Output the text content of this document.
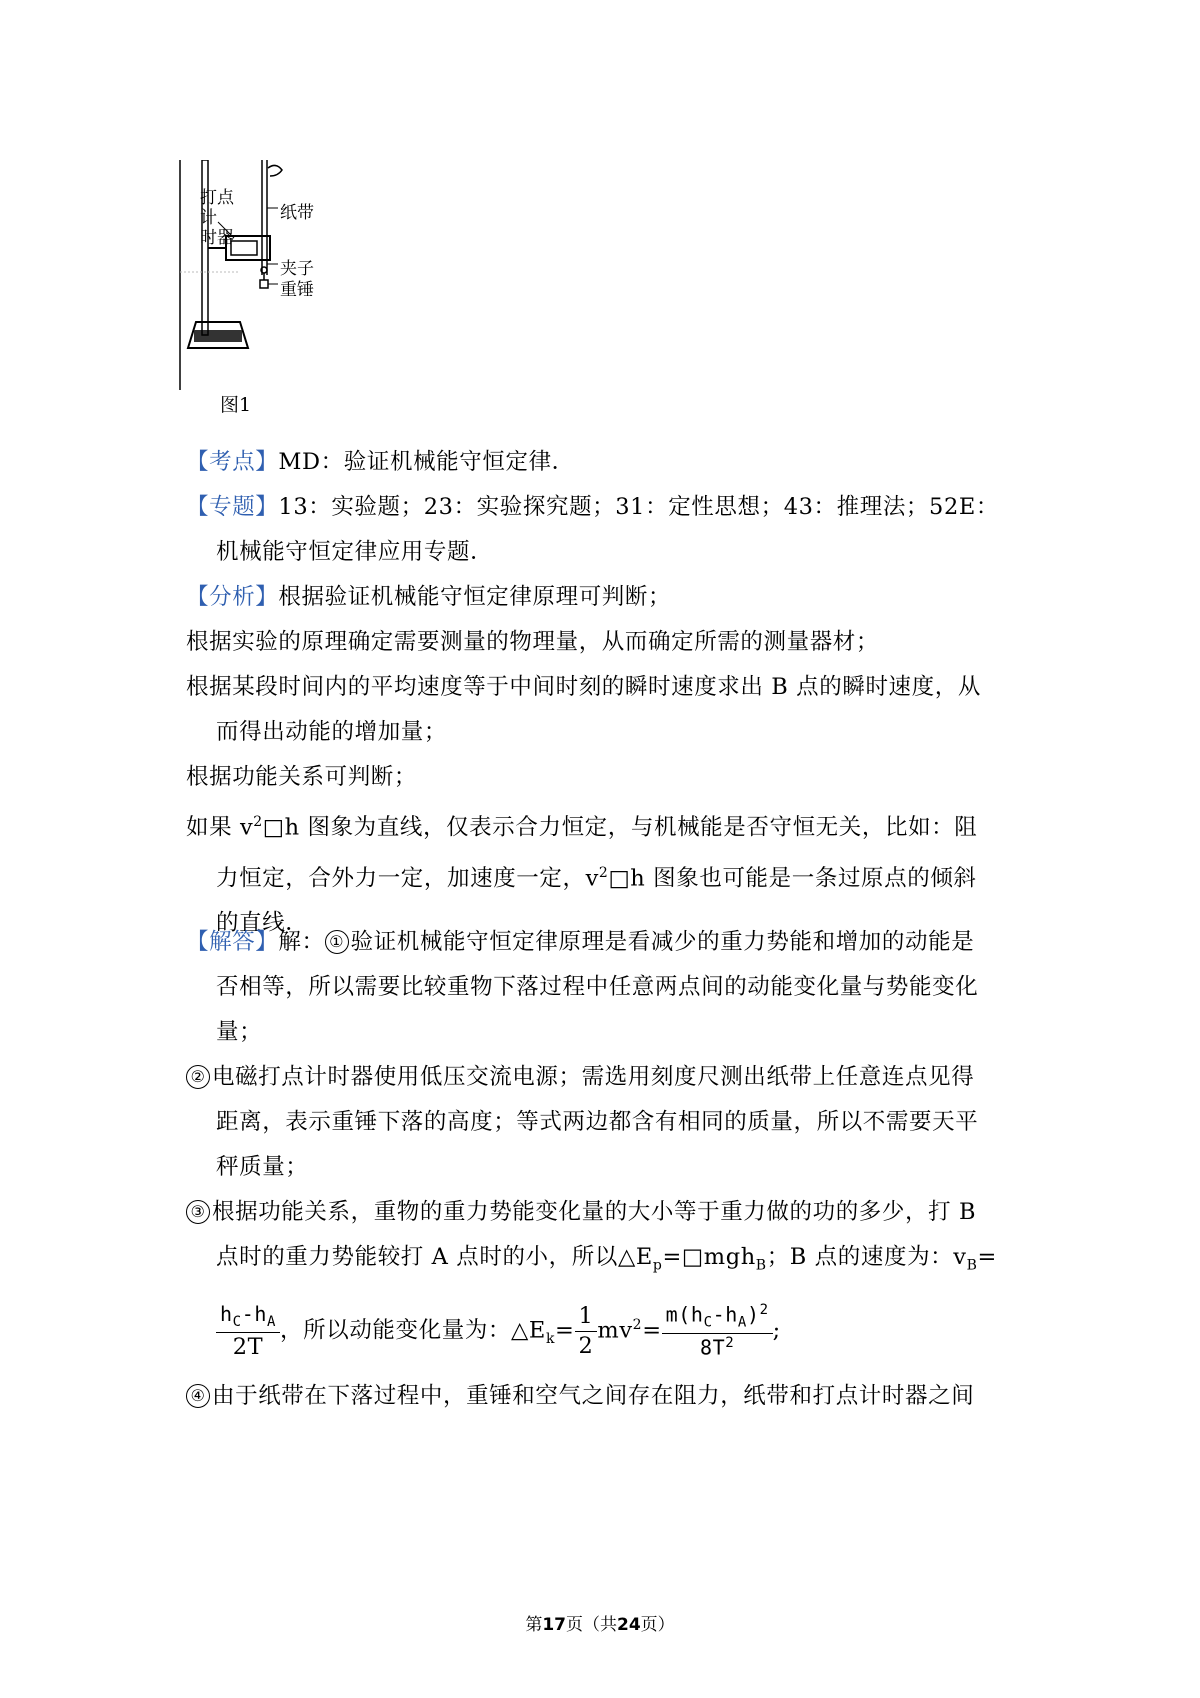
打点计
时器
纸带
夹子
重锤
图1
【考点】MD：验证机械能守恒定律．
【专题】13：实验题；23：实验探究题；31：定性思想；43：推理法；52E：
机械能守恒定律应用专题．
【分析】根据验证机械能守恒定律原理可判断；
根据实验的原理确定需要测量的物理量，从而确定所需的测量器材；
根据某段时间内的平均速度等于中间时刻的瞬时速度求出 B 点的瞬时速度，从
而得出动能的增加量；
根据功能关系可判断；
如果 $v^2□h$ 图象为直线，仅表示合力恒定，与机械能是否守恒无关，比如：阻
力恒定，合外力一定，加速度一定，$v^2□h$ 图象也可能是一条过原点的倾斜
的直线．
【解答】解： ① 验证机械能守恒定律原理是看减少的重力势能和增加的动能是
否相等，所以需要比较重物下落过程中任意两点间的动能变化量与势能变化
量；
② 电磁打点计时器使用低压交流电源；需选用刻度尺测出纸带上任意连点见得
距离，表示重锤下落的高度；等式两边都含有相同的质量，所以不需要天平
秤质量；
③ 根据功能关系，重物的重力势能变化量的大小等于重力做的功的多少，打 B
点时的重力势能较打 A 点时的小，所以$\triangle E_p=□mgh_B$；B 点的速度为：$v_B=$
$\frac{h_C-h_A}{2T}$ ，所以动能变化量为：$\triangle E_k= \frac{1}{2} mv^2= \frac{m(h_C-h_A)^2}{8T^2}$ ;
④ 由于纸带在下落过程中，重锤和空气之间存在阻力，纸带和打点计时器之间
第17页（共24页）
